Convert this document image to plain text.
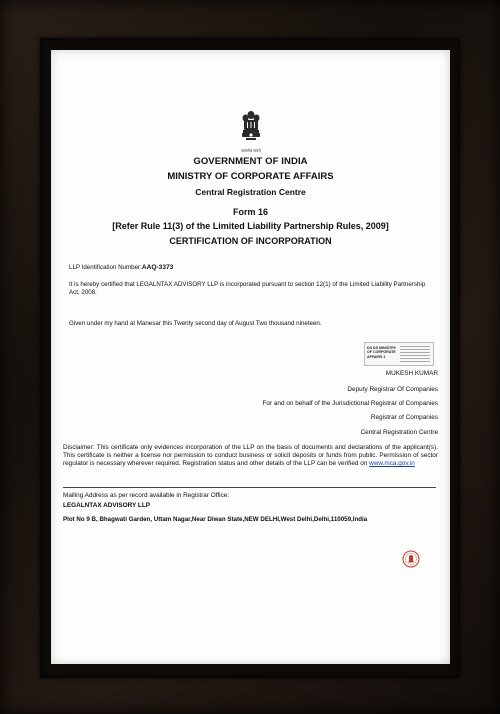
सत्यमेव जयते
GOVERNMENT OF INDIA
MINISTRY OF CORPORATE AFFAIRS
Central Registration Centre
Form 16
[Refer Rule 11(3) of the Limited Liability Partnership Rules, 2009]
CERTIFICATION OF INCORPORATION
LLP Identification Number:AAQ-3373
It is hereby certified that LEGALNTAX ADVISORY LLP is incorporated pursuant to section 12(1) of the Limited Liability Partnership Act, 2008.
Given under my hand at Manesar this Twenty second day of August Two thousand nineteen.
DS DS MINISTRY OF CORPORATE AFFAIRS 1
MUKESH KUMAR
Deputy Registrar Of Companies
For and on behalf of the Jurisdictional Registrar of Companies
Registrar of Companies
Central Registration Centre
Disclaimer: This certificate only evidences incorporation of the LLP on the basis of documents and declarations of the applicant(s). This certificate is neither a license nor permission to conduct business or solicit deposits or funds from public. Permission of sector regulator is necessary wherever required. Registration status and other details of the LLP can be verified on www.mca.gov.in
Mailing Address as per record available in Registrar Office:
LEGALNTAX ADVISORY LLP
Plot No 9 B, Bhagwati Garden, Uttam Nagar,Near Diwan State,NEW DELHI,West Delhi,Delhi,110059,India
